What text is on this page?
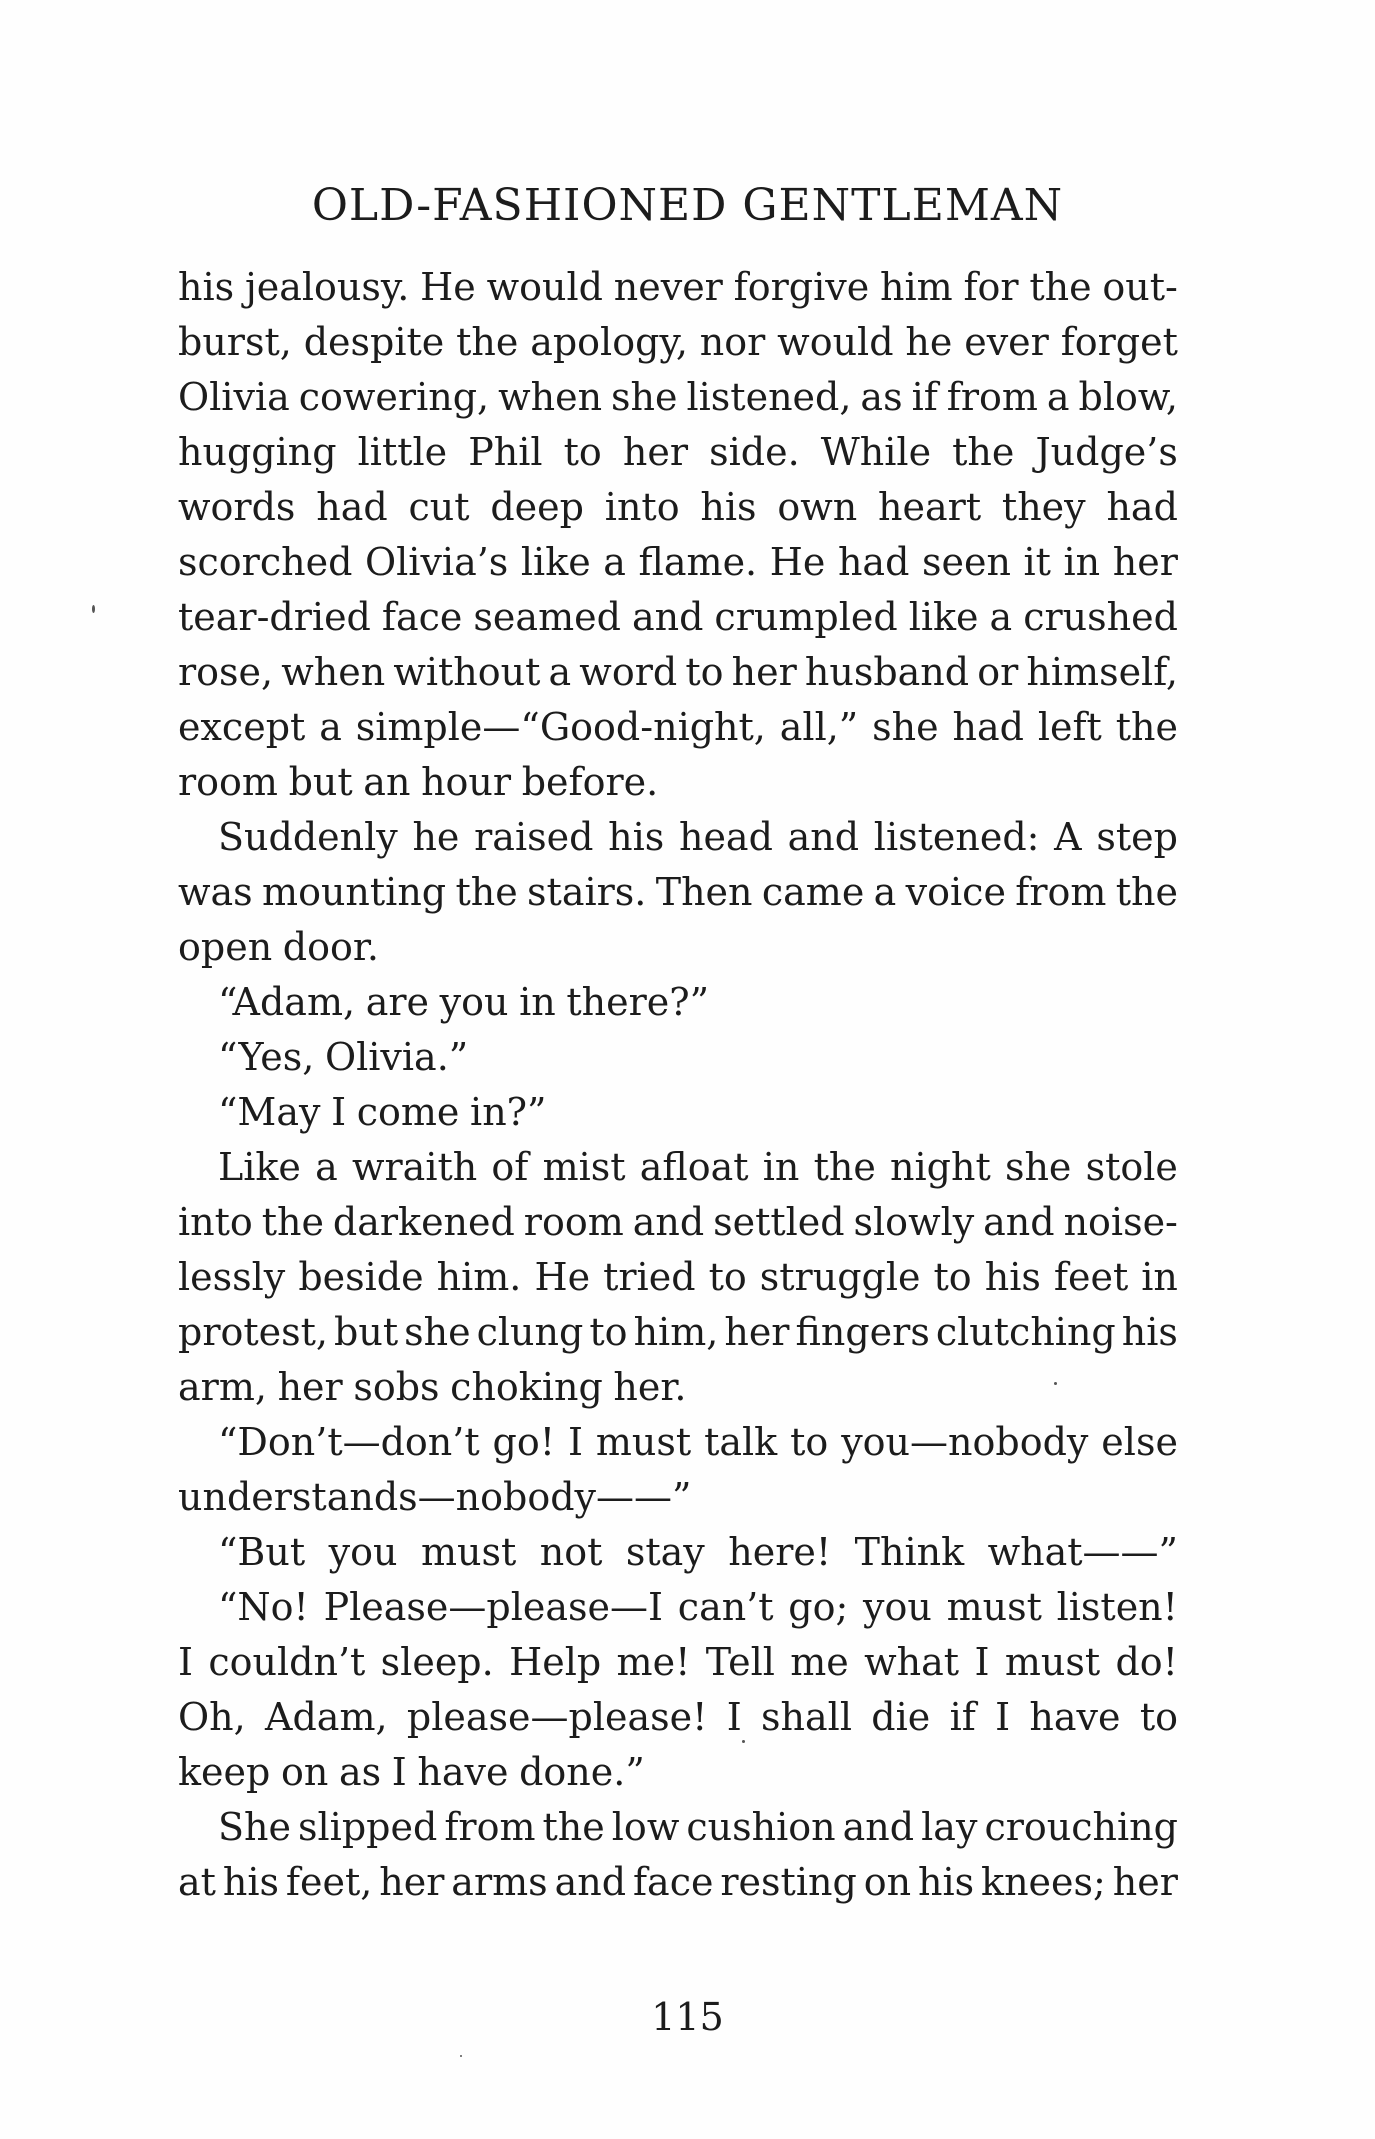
OLD-FASHIONED GENTLEMAN
his jealousy. He would never forgive him for the out-
burst, despite the apology, nor would he ever forget
Olivia cowering, when she listened, as if from a blow,
hugging little Phil to her side. While the Judge’s
words had cut deep into his own heart they had
scorched Olivia’s like a flame. He had seen it in her
tear-dried face seamed and crumpled like a crushed
rose, when without a word to her husband or himself,
except a simple—“Good-night, all,” she had left the
room but an hour before.
Suddenly he raised his head and listened: A step
was mounting the stairs. Then came a voice from the
open door.
“Adam, are you in there?”
“Yes, Olivia.”
“May I come in?”
Like a wraith of mist afloat in the night she stole
into the darkened room and settled slowly and noise-
lessly beside him. He tried to struggle to his feet in
protest, but she clung to him, her fingers clutching his
arm, her sobs choking her.
“Don’t—don’t go! I must talk to you—nobody else
understands—nobody——”
“But you must not stay here! Think what——”
“No! Please—please—I can’t go; you must listen!
I couldn’t sleep. Help me! Tell me what I must do!
Oh, Adam, please—please! I shall die if I have to
keep on as I have done.”
She slipped from the low cushion and lay crouching
at his feet, her arms and face resting on his knees; her
115
